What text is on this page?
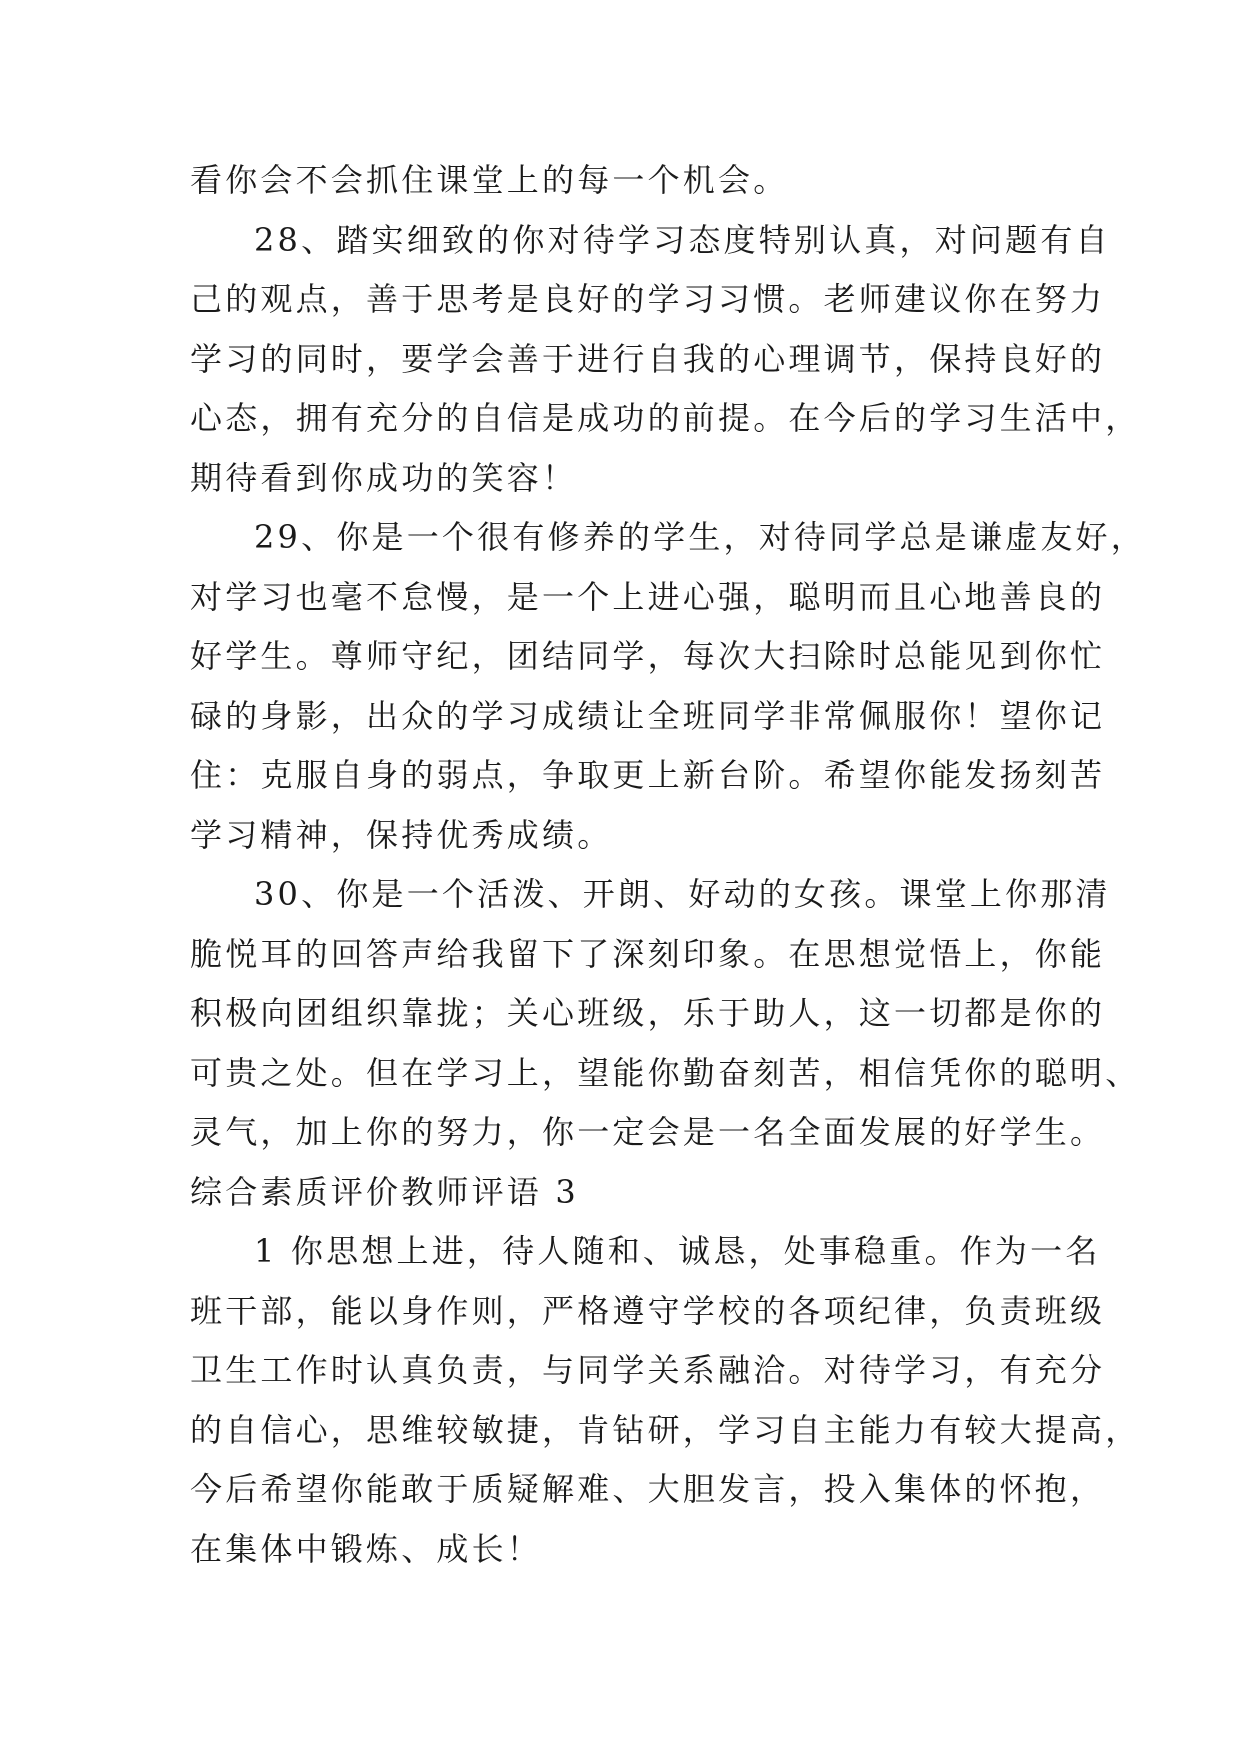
看你会不会抓住课堂上的每一个机会。

28、踏实细致的你对待学习态度特别认真，对问题有自
己的观点，善于思考是良好的学习习惯。老师建议你在努力
学习的同时，要学会善于进行自我的心理调节，保持良好的
心态，拥有充分的自信是成功的前提。在今后的学习生活中，
期待看到你成功的笑容！

29、你是一个很有修养的学生，对待同学总是谦虚友好，
对学习也毫不怠慢，是一个上进心强，聪明而且心地善良的
好学生。尊师守纪，团结同学，每次大扫除时总能见到你忙
碌的身影，出众的学习成绩让全班同学非常佩服你！望你记
住：克服自身的弱点，争取更上新台阶。希望你能发扬刻苦
学习精神，保持优秀成绩。

30、你是一个活泼、开朗、好动的女孩。课堂上你那清
脆悦耳的回答声给我留下了深刻印象。在思想觉悟上，你能
积极向团组织靠拢；关心班级，乐于助人，这一切都是你的
可贵之处。但在学习上，望能你勤奋刻苦，相信凭你的聪明、
灵气，加上你的努力，你一定会是一名全面发展的好学生。

综合素质评价教师评语 3

1 你思想上进，待人随和、诚恳，处事稳重。作为一名
班干部，能以身作则，严格遵守学校的各项纪律，负责班级
卫生工作时认真负责，与同学关系融洽。对待学习，有充分
的自信心，思维较敏捷，肯钻研，学习自主能力有较大提高，
今后希望你能敢于质疑解难、大胆发言，投入集体的怀抱，
在集体中锻炼、成长！
